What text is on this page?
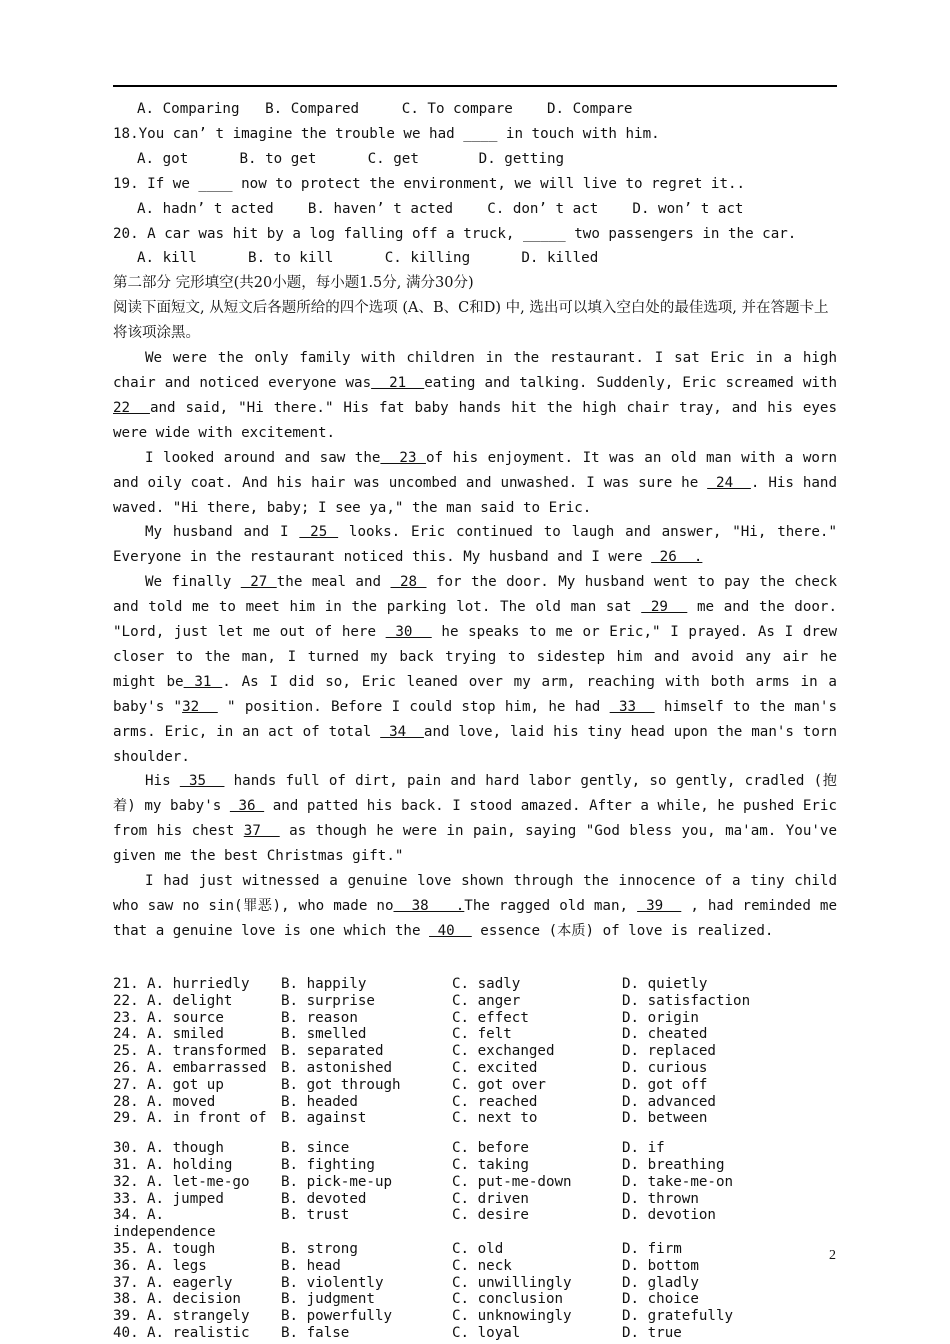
A. Comparing   B. Compared     C. To compare    D. Compare
18.You can’ t imagine the trouble we had ____ in touch with him.
A. got      B. to get      C. get       D. getting
19. If we ____ now to protect the environment, we will live to regret it..
A. hadn’ t acted    B. haven’ t acted    C. don’ t act    D. won’ t act
20. A car was hit by a log falling off a truck, _____ two passengers in the car.
A. kill      B. to kill      C. killing      D. killed
第二部分 完形填空(共20小题，每小题1.5分, 满分30分)
阅读下面短文, 从短文后各题所给的四个选项 (A、B、C和D) 中, 选出可以填入空白处的最佳选项, 并在答题卡上将该项涂黑。
We were the only family with children in the restaurant. I sat Eric in a high chair and noticed everyone was  21  eating and talking. Suddenly, Eric screamed with 22  and said, "Hi there." His fat baby hands hit the high chair tray, and his eyes were wide with excitement.
I looked around and saw the  23 of his enjoyment. It was an old man with a worn and oily coat. And his hair was uncombed and unwashed. I was sure he  24  . His hand waved. "Hi there, baby; I see ya," the man said to Eric.
My husband and I  25  looks. Eric continued to laugh and answer, "Hi, there." Everyone in the restaurant noticed this. My husband and I were  26  .
We finally  27 the meal and  28  for the door. My husband went to pay the check and told me to meet him in the parking lot. The old man sat  29   me and the door. "Lord, just let me out of here  30   he speaks to me or Eric," I prayed. As I drew closer to the man, I turned my back trying to sidestep him and avoid any air he might be 31 . As I did so, Eric leaned over my arm, reaching with both arms in a baby's "32   " position. Before I could stop him, he had  33   himself to the man's arms. Eric, in an act of total  34  and love, laid his tiny head upon the man's torn shoulder.
His  35   hands full of dirt, pain and hard labor gently, so gently, cradled (抱着) my baby's  36  and patted his back. I stood amazed. After a while, he pushed Eric from his chest 37   as though he were in pain, saying "God bless you, ma'am. You've given me the best Christmas gift."
I had just witnessed a genuine love shown through the innocence of a tiny child who saw no sin(罪恶), who made no  38   .The ragged old man,  39   , had reminded me that a genuine love is one which the  40   essence (本质) of love is realized.
21. A. hurriedly B. happily	C. sadly	D. quietly
22. A. delight	B. surprise	C. anger	D. satisfaction
23. A. source	B. reason	C. effect	D. origin
24. A. smiled	B. smelled	C. felt	D. cheated
25. A. transformed B. separated	C. exchanged	D. replaced
26. A. embarrassed B. astonished	C. excited	D. curious
27. A. got up	B. got through	C. got over	D. got off
28. A. moved	B. headed	C. reached	D. advanced
29. A. in front of B. against	C. next to	D. between
30. A. though	B. since	C. before	D. if
31. A. holding	B. fighting	C. taking	D. breathing
32. A. let-me-go B. pick-me-up	C. put-me-down	D. take-me-on
33. A. jumped	B. devoted	C. driven	D. thrown
34. A.	B. trust	C. desire	D. devotion
independence
35. A. tough	B. strong	C. old	D. firm
36. A. legs	B. head	C. neck	D. bottom
37. A. eagerly	B. violently	C. unwillingly	D. gladly
38. A. decision	B. judgment	C. conclusion	D. choice
39. A. strangely B. powerfully	C. unknowingly	D. gratefully
40. A. realistic B. false	C. loyal	D. true
2
